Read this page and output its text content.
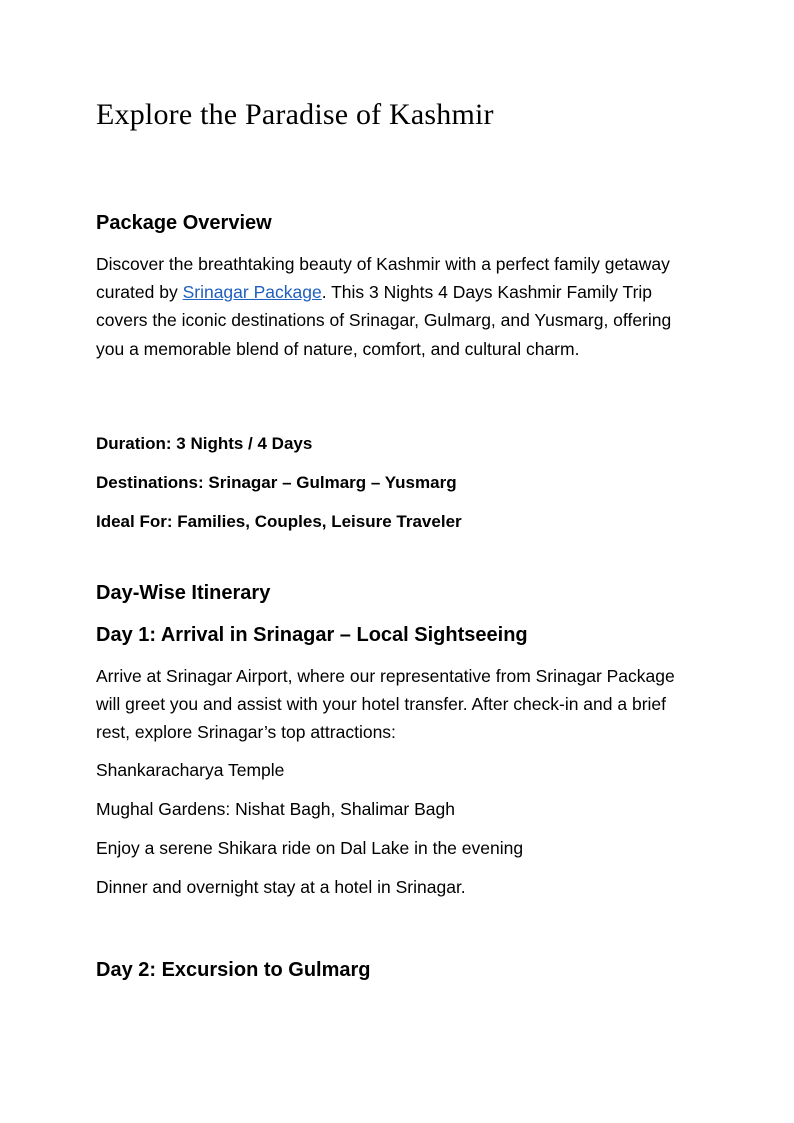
Explore the Paradise of Kashmir
Package Overview

Discover the breathtaking beauty of Kashmir with a perfect family getaway curated by Srinagar Package. This 3 Nights 4 Days Kashmir Family Trip covers the iconic destinations of Srinagar, Gulmarg, and Yusmarg, offering you a memorable blend of nature, comfort, and cultural charm.

Duration: 3 Nights / 4 Days

Destinations: Srinagar – Gulmarg – Yusmarg

Ideal For: Families, Couples, Leisure Traveler

Day-Wise Itinerary
Day 1: Arrival in Srinagar – Local Sightseeing

Arrive at Srinagar Airport, where our representative from Srinagar Package will greet you and assist with your hotel transfer. After check-in and a brief rest, explore Srinagar’s top attractions:

Shankaracharya Temple

Mughal Gardens: Nishat Bagh, Shalimar Bagh

Enjoy a serene Shikara ride on Dal Lake in the evening

Dinner and overnight stay at a hotel in Srinagar.

Day 2: Excursion to Gulmarg
